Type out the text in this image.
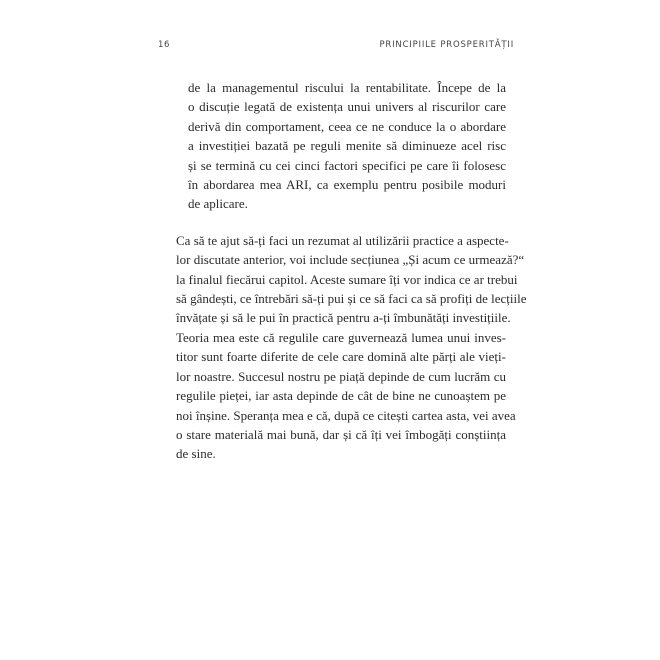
16	PRINCIPIILE PROSPERITĂȚII
de la managementul riscului la rentabilitate. Începe de la
o discuție legată de existența unui univers al riscurilor care
derivă din comportament, ceea ce ne conduce la o abordare
a investiției bazată pe reguli menite să diminueze acel risc
și se termină cu cei cinci factori specifici pe care îi folosesc
în abordarea mea ARI, ca exemplu pentru posibile moduri
de aplicare.
Ca să te ajut să-ți faci un rezumat al utilizării practice a aspecte-
lor discutate anterior, voi include secțiunea „Și acum ce urmează?“
la finalul fiecărui capitol. Aceste sumare îți vor indica ce ar trebui
să gândești, ce întrebări să-ți pui și ce să faci ca să profiți de lecțiile
învățate și să le pui în practică pentru a-ți îmbunătăți investițiile.
Teoria mea este că regulile care guvernează lumea unui inves-
titor sunt foarte diferite de cele care domină alte părți ale vieți-
lor noastre. Succesul nostru pe piață depinde de cum lucrăm cu
regulile pieței, iar asta depinde de cât de bine ne cunoaștem pe
noi înșine. Speranța mea e că, după ce citești cartea asta, vei avea
o stare materială mai bună, dar și că îți vei îmbogăți conștiința
de sine.
